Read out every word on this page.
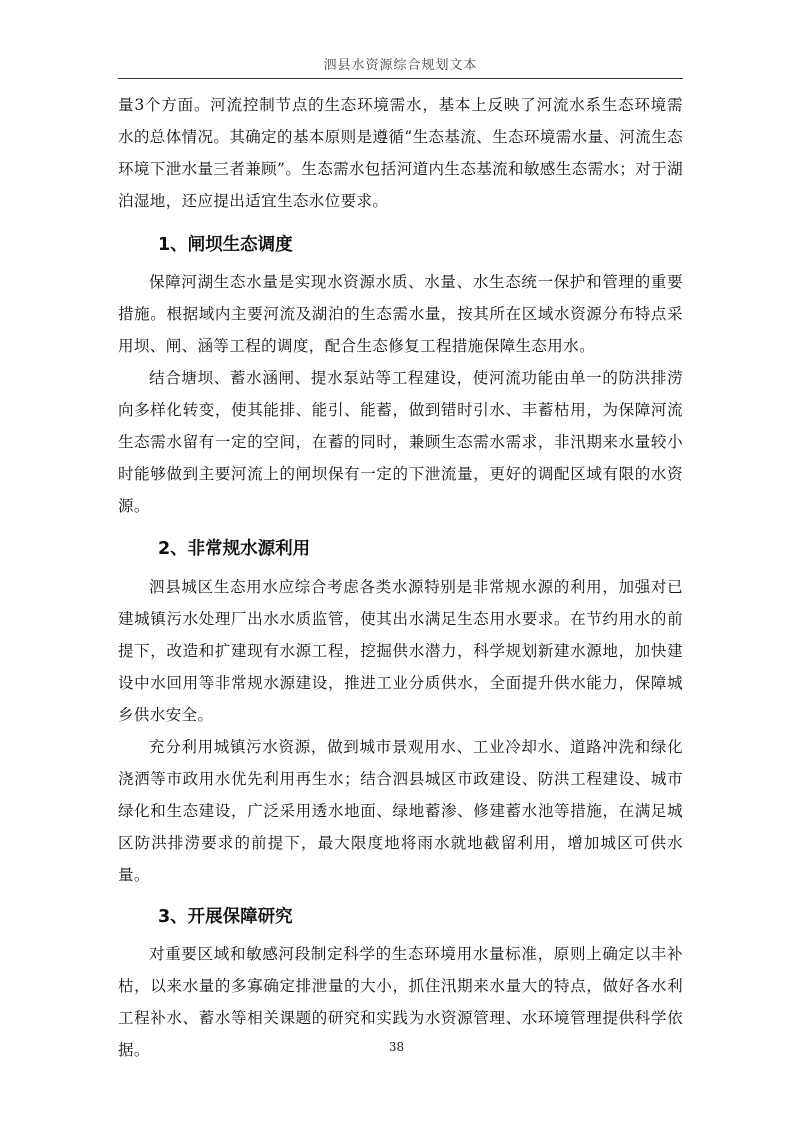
泗县水资源综合规划文本

量3个方面。河流控制节点的生态环境需水，基本上反映了河流水系生态环境需水的总体情况。其确定的基本原则是遵循“生态基流、生态环境需水量、河流生态环境下泄水量三者兼顾”。生态需水包括河道内生态基流和敏感生态需水；对于湖泊湿地，还应提出适宜生态水位要求。

1、闸坝生态调度

保障河湖生态水量是实现水资源水质、水量、水生态统一保护和管理的重要措施。根据域内主要河流及湖泊的生态需水量，按其所在区域水资源分布特点采用坝、闸、涵等工程的调度，配合生态修复工程措施保障生态用水。

结合塘坝、蓄水涵闸、提水泵站等工程建设，使河流功能由单一的防洪排涝向多样化转变，使其能排、能引、能蓄，做到错时引水、丰蓄枯用，为保障河流生态需水留有一定的空间，在蓄的同时，兼顾生态需水需求，非汛期来水量较小时能够做到主要河流上的闸坝保有一定的下泄流量，更好的调配区域有限的水资源。

2、非常规水源利用

泗县城区生态用水应综合考虑各类水源特别是非常规水源的利用，加强对已建城镇污水处理厂出水水质监管，使其出水满足生态用水要求。在节约用水的前提下，改造和扩建现有水源工程，挖掘供水潜力，科学规划新建水源地，加快建设中水回用等非常规水源建设，推进工业分质供水，全面提升供水能力，保障城乡供水安全。

充分利用城镇污水资源，做到城市景观用水、工业冷却水、道路冲洗和绿化浇洒等市政用水优先利用再生水；结合泗县城区市政建设、防洪工程建设、城市绿化和生态建设，广泛采用透水地面、绿地蓄渗、修建蓄水池等措施，在满足城区防洪排涝要求的前提下，最大限度地将雨水就地截留利用，增加城区可供水量。

3、开展保障研究

对重要区域和敏感河段制定科学的生态环境用水量标准，原则上确定以丰补枯，以来水量的多寡确定排泄量的大小，抓住汛期来水量大的特点，做好各水利工程补水、蓄水等相关课题的研究和实践为水资源管理、水环境管理提供科学依据。	38
